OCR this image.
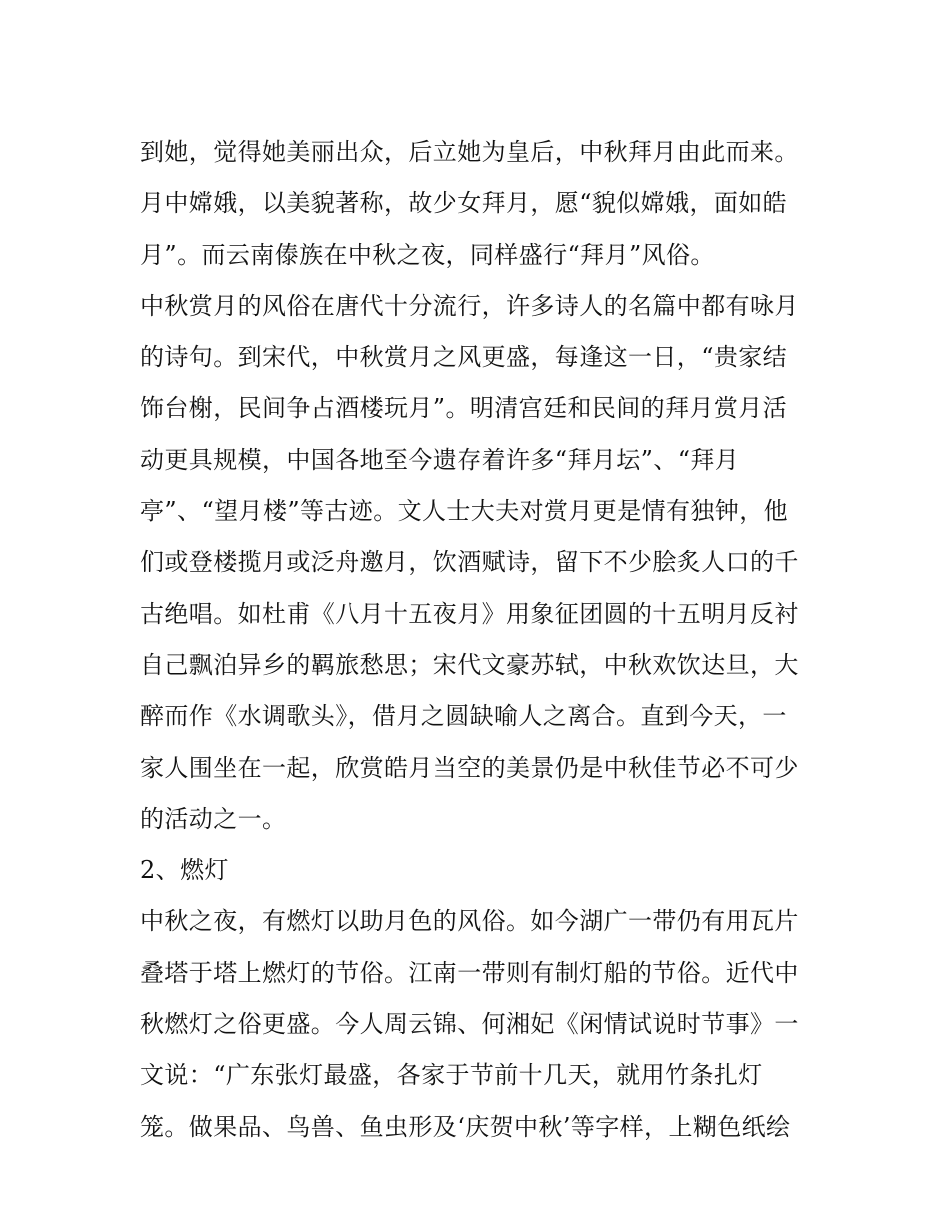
到她，觉得她美丽出众，后立她为皇后，中秋拜月由此而来。
月中嫦娥，以美貌著称，故少女拜月，愿“貌似嫦娥，面如皓
月”。而云南傣族在中秋之夜，同样盛行“拜月”风俗。
中秋赏月的风俗在唐代十分流行，许多诗人的名篇中都有咏月
的诗句。到宋代，中秋赏月之风更盛，每逢这一日，“贵家结
饰台榭，民间争占酒楼玩月”。明清宫廷和民间的拜月赏月活
动更具规模，中国各地至今遗存着许多“拜月坛”、“拜月
亭”、“望月楼”等古迹。文人士大夫对赏月更是情有独钟，他
们或登楼揽月或泛舟邀月，饮酒赋诗，留下不少脍炙人口的千
古绝唱。如杜甫《八月十五夜月》用象征团圆的十五明月反衬
自己飘泊异乡的羁旅愁思；宋代文豪苏轼，中秋欢饮达旦，大
醉而作《水调歌头》，借月之圆缺喻人之离合。直到今天，一
家人围坐在一起，欣赏皓月当空的美景仍是中秋佳节必不可少
的活动之一。
2、燃灯
中秋之夜，有燃灯以助月色的风俗。如今湖广一带仍有用瓦片
叠塔于塔上燃灯的节俗。江南一带则有制灯船的节俗。近代中
秋燃灯之俗更盛。今人周云锦、何湘妃《闲情试说时节事》一
文说：“广东张灯最盛，各家于节前十几天，就用竹条扎灯
笼。做果品、鸟兽、鱼虫形及‘庆贺中秋’等字样，上糊色纸绘
